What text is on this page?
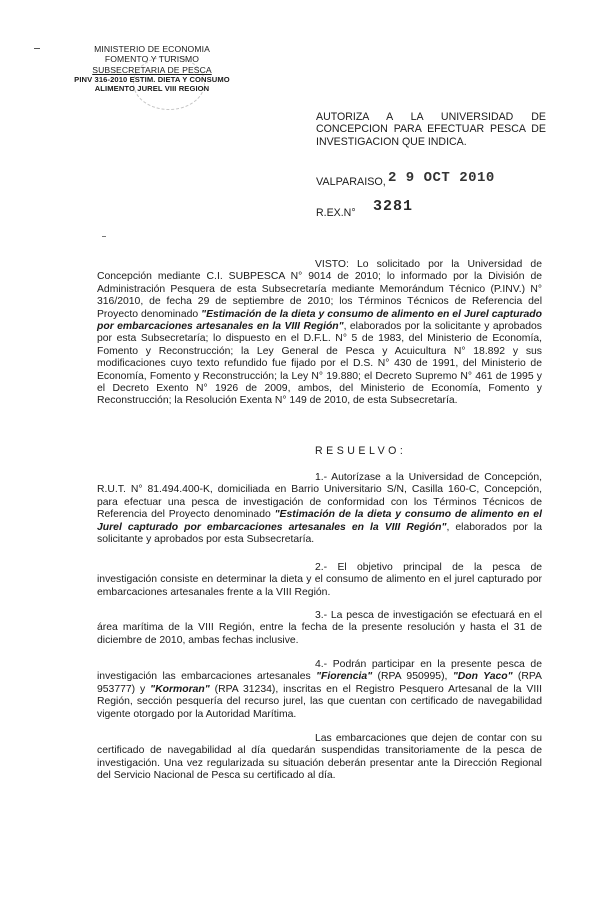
MINISTERIO DE ECONOMIA
FOMENTO Y TURISMO
SUBSECRETARIA DE PESCA
PINV 316-2010 ESTIM. DIETA Y CONSUMO
ALIMENTO JUREL VIII REGION
AUTORIZA A LA UNIVERSIDAD DE CONCEPCION PARA EFECTUAR PESCA DE INVESTIGACION QUE INDICA.
VALPARAISO, 2 9 OCT 2010
R.EX.N° 3281
VISTO: Lo solicitado por la Universidad de Concepción mediante C.I. SUBPESCA N° 9014 de 2010; lo informado por la División de Administración Pesquera de esta Subsecretaría mediante Memorándum Técnico (P.INV.) N° 316/2010, de fecha 29 de septiembre de 2010; los Términos Técnicos de Referencia del Proyecto denominado "Estimación de la dieta y consumo de alimento en el Jurel capturado por embarcaciones artesanales en la VIII Región", elaborados por la solicitante y aprobados por esta Subsecretaría; lo dispuesto en el D.F.L. N° 5 de 1983, del Ministerio de Economía, Fomento y Reconstrucción; la Ley General de Pesca y Acuicultura N° 18.892 y sus modificaciones cuyo texto refundido fue fijado por el D.S. N° 430 de 1991, del Ministerio de Economía, Fomento y Reconstrucción; la Ley N° 19.880; el Decreto Supremo N° 461 de 1995 y el Decreto Exento N° 1926 de 2009, ambos, del Ministerio de Economía, Fomento y Reconstrucción; la Resolución Exenta N° 149 de 2010, de esta Subsecretaría.
RESUELVO:
1.- Autorízase a la Universidad de Concepción, R.U.T. N° 81.494.400-K, domiciliada en Barrio Universitario S/N, Casilla 160-C, Concepción, para efectuar una pesca de investigación de conformidad con los Términos Técnicos de Referencia del Proyecto denominado "Estimación de la dieta y consumo de alimento en el Jurel capturado por embarcaciones artesanales en la VIII Región", elaborados por la solicitante y aprobados por esta Subsecretaría.
2.- El objetivo principal de la pesca de investigación consiste en determinar la dieta y el consumo de alimento en el jurel capturado por embarcaciones artesanales frente a la VIII Región.
3.- La pesca de investigación se efectuará en el área marítima de la VIII Región, entre la fecha de la presente resolución y hasta el 31 de diciembre de 2010, ambas fechas inclusive.
4.- Podrán participar en la presente pesca de investigación las embarcaciones artesanales "Fiorencia" (RPA 950995), "Don Yaco" (RPA 953777) y "Kormoran" (RPA 31234), inscritas en el Registro Pesquero Artesanal de la VIII Región, sección pesquería del recurso jurel, las que cuentan con certificado de navegabilidad vigente otorgado por la Autoridad Marítima.
Las embarcaciones que dejen de contar con su certificado de navegabilidad al día quedarán suspendidas transitoriamente de la pesca de investigación. Una vez regularizada su situación deberán presentar ante la Dirección Regional del Servicio Nacional de Pesca su certificado al día.
